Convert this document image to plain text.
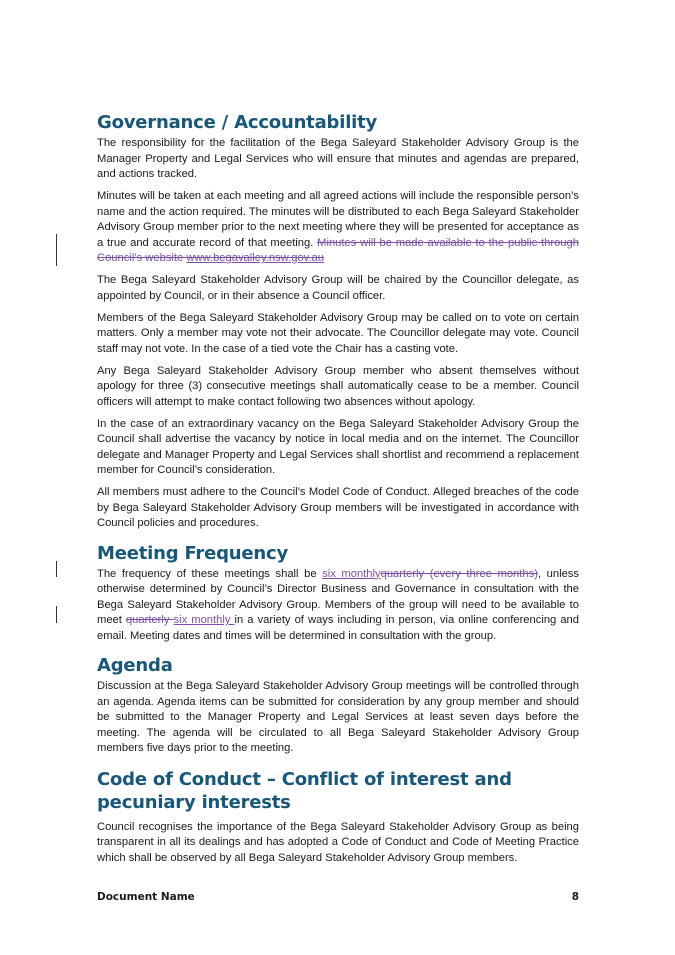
Governance / Accountability

The responsibility for the facilitation of the Bega Saleyard Stakeholder Advisory Group is the Manager Property and Legal Services who will ensure that minutes and agendas are prepared, and actions tracked.

Minutes will be taken at each meeting and all agreed actions will include the responsible person’s name and the action required. The minutes will be distributed to each Bega Saleyard Stakeholder Advisory Group member prior to the next meeting where they will be presented for acceptance as a true and accurate record of that meeting. Minutes will be made available to the public through Council’s website www.begavalley.nsw.gov.au

The Bega Saleyard Stakeholder Advisory Group will be chaired by the Councillor delegate, as appointed by Council, or in their absence a Council officer.

Members of the Bega Saleyard Stakeholder Advisory Group may be called on to vote on certain matters. Only a member may vote not their advocate. The Councillor delegate may vote. Council staff may not vote. In the case of a tied vote the Chair has a casting vote.

Any Bega Saleyard Stakeholder Advisory Group member who absent themselves without apology for three (3) consecutive meetings shall automatically cease to be a member. Council officers will attempt to make contact following two absences without apology.

In the case of an extraordinary vacancy on the Bega Saleyard Stakeholder Advisory Group the Council shall advertise the vacancy by notice in local media and on the internet. The Councillor delegate and Manager Property and Legal Services shall shortlist and recommend a replacement member for Council’s consideration.

All members must adhere to the Council’s Model Code of Conduct. Alleged breaches of the code by Bega Saleyard Stakeholder Advisory Group members will be investigated in accordance with Council policies and procedures.

Meeting Frequency

The frequency of these meetings shall be six monthlyquarterly (every three months), unless otherwise determined by Council’s Director Business and Governance in consultation with the Bega Saleyard Stakeholder Advisory Group. Members of the group will need to be available to meet quarterly six monthly in a variety of ways including in person, via online conferencing and email. Meeting dates and times will be determined in consultation with the group.

Agenda

Discussion at the Bega Saleyard Stakeholder Advisory Group meetings will be controlled through an agenda. Agenda items can be submitted for consideration by any group member and should be submitted to the Manager Property and Legal Services at least seven days before the meeting. The agenda will be circulated to all Bega Saleyard Stakeholder Advisory Group members five days prior to the meeting.

Code of Conduct – Conflict of interest and pecuniary interests

Council recognises the importance of the Bega Saleyard Stakeholder Advisory Group as being transparent in all its dealings and has adopted a Code of Conduct and Code of Meeting Practice which shall be observed by all Bega Saleyard Stakeholder Advisory Group members.

Document Name	8
